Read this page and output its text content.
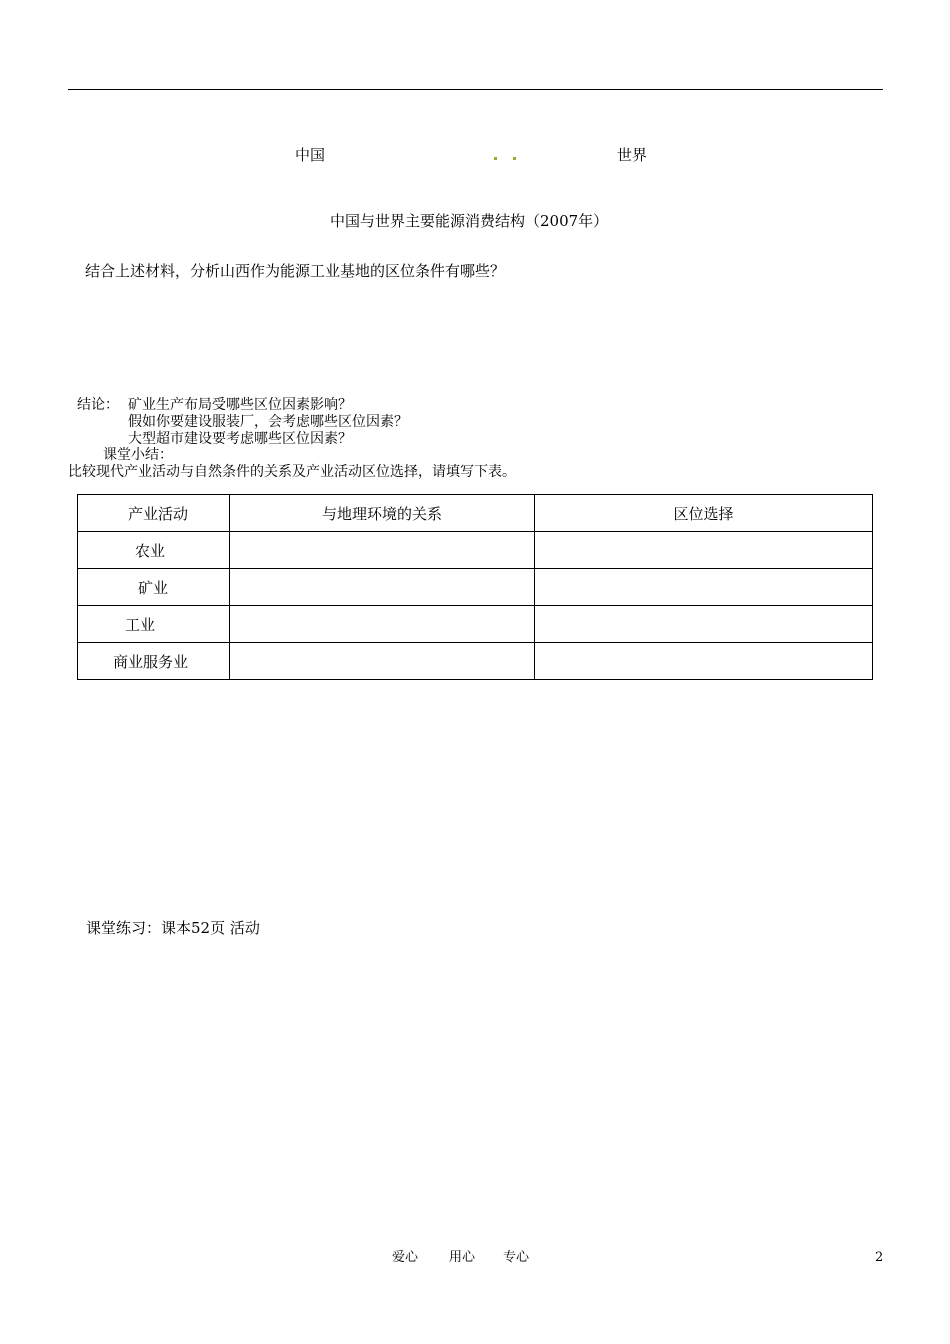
中国	世界
中国与世界主要能源消费结构（2007年）
结合上述材料，分析山西作为能源工业基地的区位条件有哪些？
结论： 矿业生产布局受哪些区位因素影响？
假如你要建设服装厂，会考虑哪些区位因素？
大型超市建设要考虑哪些区位因素？
课堂小结：
比较现代产业活动与自然条件的关系及产业活动区位选择，请填写下表。
产业活动	与地理环境的关系	区位选择
农业		
矿业		
工业		
商业服务业		
课堂练习：课本52页 活动
爱心 用心 专心	2
